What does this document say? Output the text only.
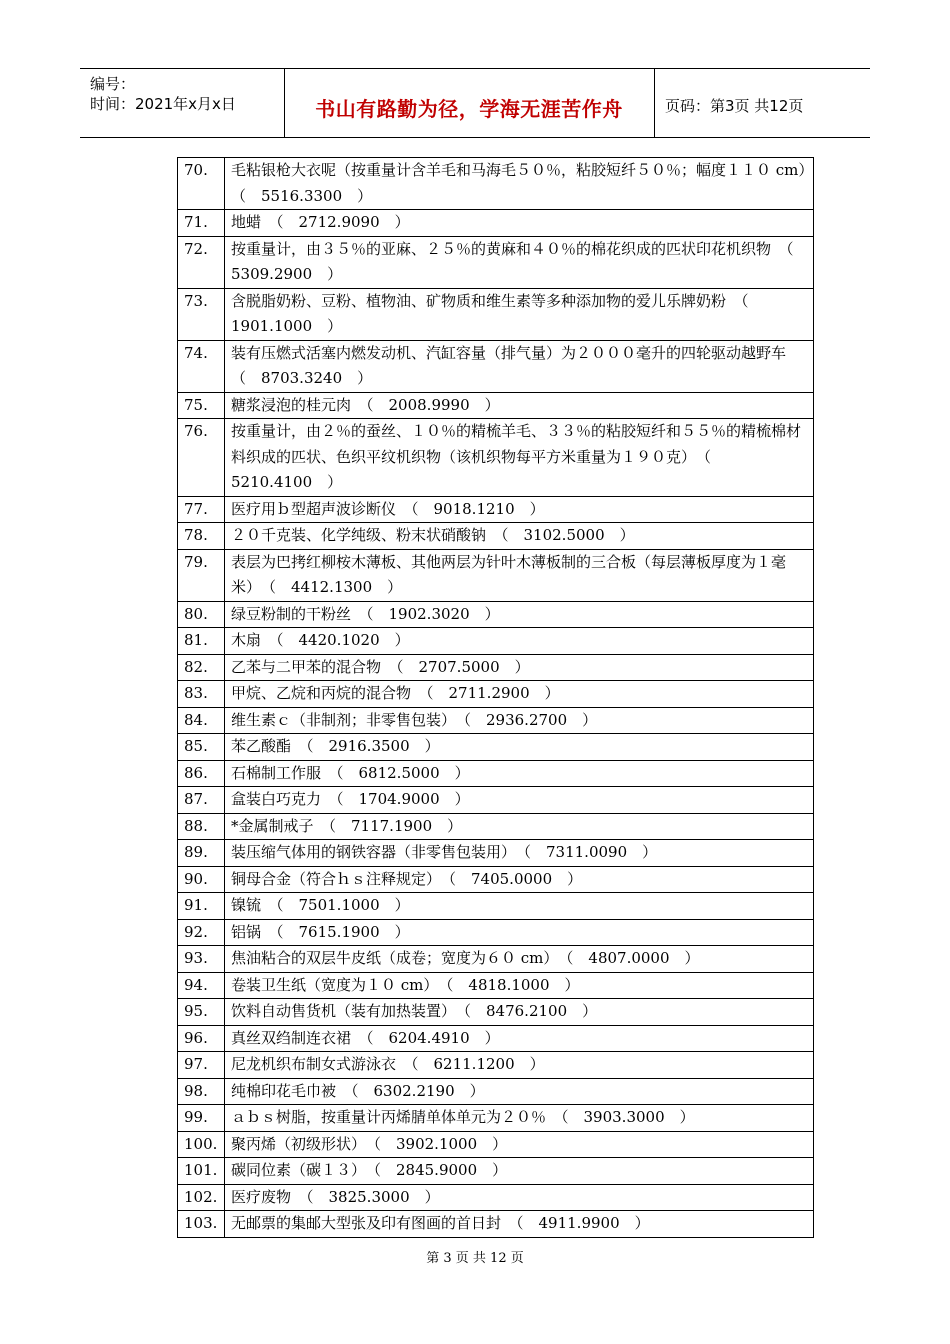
编号：
时间：2021年x月x日	书山有路勤为径，学海无涯苦作舟	页码：第3页 共12页
70.	毛粘银枪大衣呢（按重量计含羊毛和马海毛５０％，粘胶短纤５０％；幅度１１０ cm）　（　5516.3300　）
71.	地蜡　（　2712.9090　）
72.	按重量计，由３５％的亚麻、２５％的黄麻和４０％的棉花织成的匹状印花机织物　（　5309.2900　）
73.	含脱脂奶粉、豆粉、植物油、矿物质和维生素等多种添加物的爱儿乐牌奶粉　（　1901.1000　）
74.	装有压燃式活塞内燃发动机、汽缸容量（排气量）为２０００毫升的四轮驱动越野车　（　8703.3240　）
75.	糖浆浸泡的桂元肉　（　2008.9990　）
76.	按重量计，由２％的蚕丝、１０％的精梳羊毛、３３％的粘胶短纤和５５％的精梳棉材料织成的匹状、色织平纹机织物（该机织物每平方米重量为１９０克）　（　5210.4100　）
77.	医疗用ｂ型超声波诊断仪　（　9018.1210　）
78.	２０千克装、化学纯级、粉末状硝酸钠　（　3102.5000　）
79.	表层为巴拷红柳桉木薄板、其他两层为针叶木薄板制的三合板（每层薄板厚度为１毫米）　（　4412.1300　）
80.	绿豆粉制的干粉丝　（　1902.3020　）
81.	木扇　（　4420.1020　）
82.	乙苯与二甲苯的混合物　（　2707.5000　）
83.	甲烷、乙烷和丙烷的混合物　（　2711.2900　）
84.	维生素ｃ（非制剂；非零售包装）　（　2936.2700　）
85.	苯乙酸酯　（　2916.3500　）
86.	石棉制工作服　（　6812.5000　）
87.	盒装白巧克力　（　1704.9000　）
88.	*金属制戒子　（　7117.1900　）
89.	装压缩气体用的钢铁容器（非零售包装用）　（　7311.0090　）
90.	铜母合金（符合ｈｓ注释规定）　（　7405.0000　）
91.	镍锍　（　7501.1000　）
92.	铝锅　（　7615.1900　）
93.	焦油粘合的双层牛皮纸（成卷；宽度为６０ cm）　（　4807.0000　）
94.	卷装卫生纸（宽度为１０ cm）　（　4818.1000　）
95.	饮料自动售货机（装有加热装置）　（　8476.2100　）
96.	真丝双绉制连衣裙　（　6204.4910　）
97.	尼龙机织布制女式游泳衣　（　6211.1200　）
98.	纯棉印花毛巾被　（　6302.2190　）
99.	ａｂｓ树脂，按重量计丙烯腈单体单元为２０％　（　3903.3000　）
100.	聚丙烯（初级形状）　（　3902.1000　）
101.	碳同位素（碳１３）　（　2845.9000　）
102.	医疗废物　（　3825.3000　）
103.	无邮票的集邮大型张及印有图画的首日封　（　4911.9900　）
第 3 页 共 12 页
